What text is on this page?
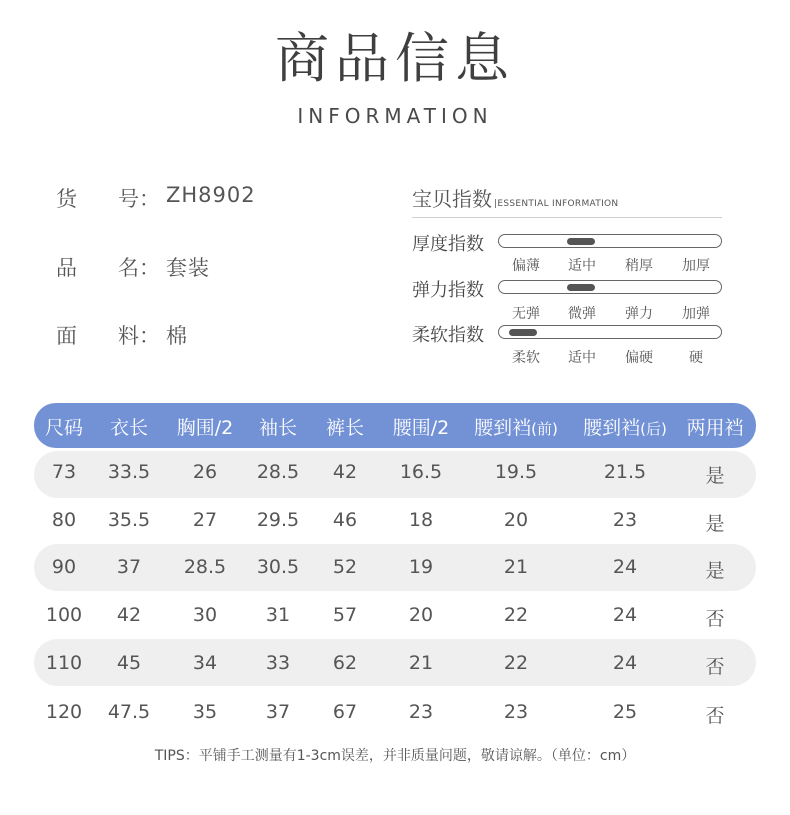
商品信息
INFORMATION
货 号： ZH8902
品 名： 套装
面 料： 棉
宝贝指数 |ESSENTIAL INFORMATION
厚度指数
偏薄 适中 稍厚 加厚
弹力指数
无弹 微弹 弹力 加弹
柔软指数
柔软 适中 偏硬	硬
尺码 衣长 胸围/2 袖长 裤长 腰围/2 腰到裆(前) 腰到裆(后) 两用裆
73 33.5 26 28.5 42 16.5	19.5	21.5	是
80 35.5 27 29.5 46	18	20	23	是
90 37 28.5 30.5 52	19	21	24	是
100 42	30	31 57	20	22	24	否
110 45	34	33 62	21	22	24	否
120 47.5 35	37 67	23	23	25	否
TIPS：平铺手工测量有1-3cm误差，并非质量问题，敬请谅解。（单位：cm）
